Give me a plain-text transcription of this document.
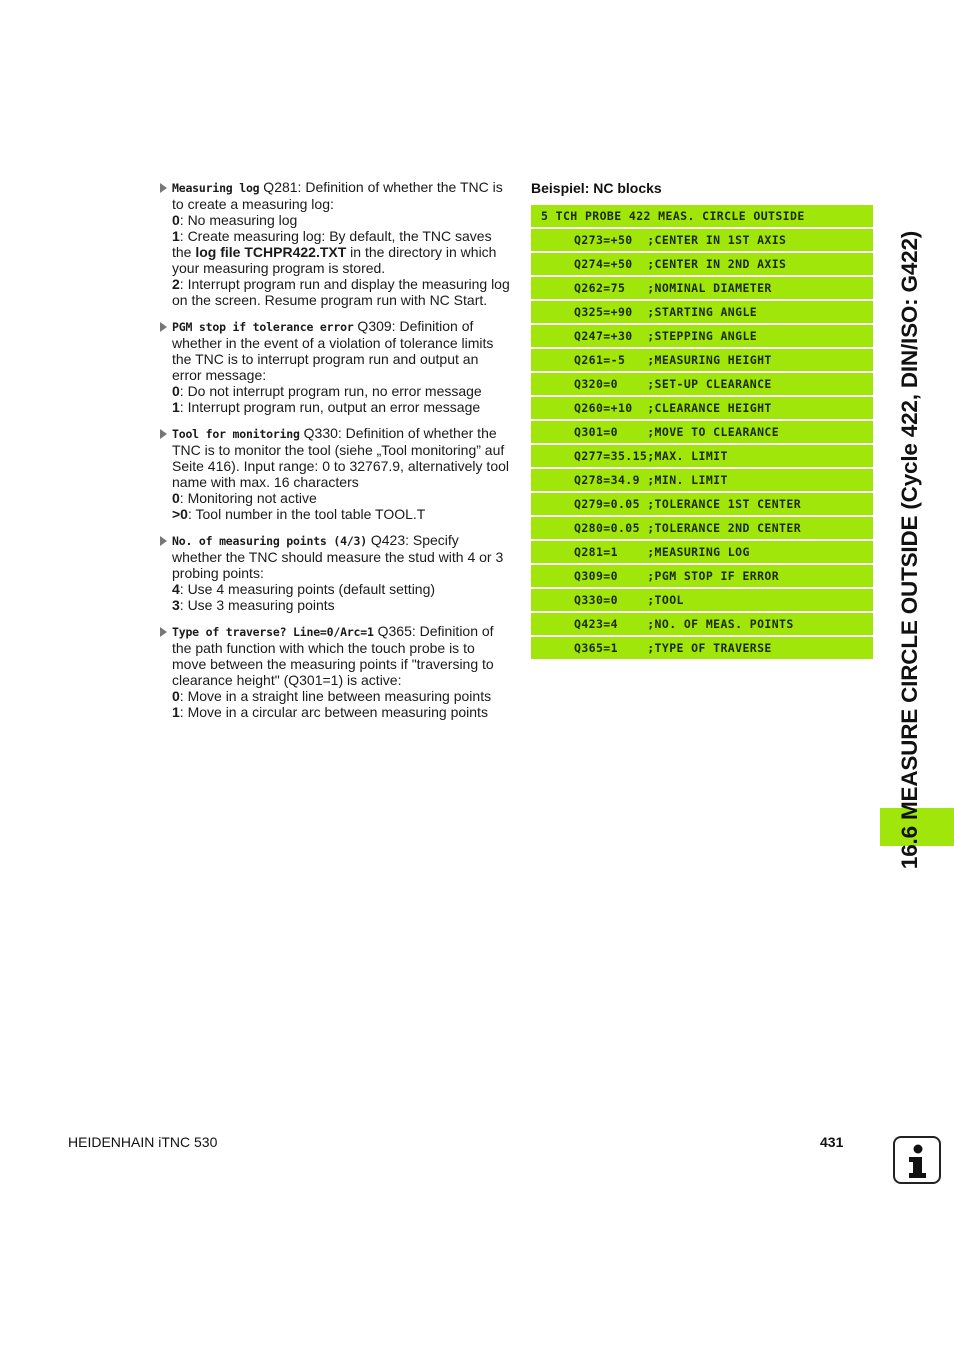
Measuring log Q281: Definition of whether the TNC is to create a measuring log:
0: No measuring log
1: Create measuring log: By default, the TNC saves the log file TCHPR422.TXT in the directory in which your measuring program is stored.
2: Interrupt program run and display the measuring log on the screen. Resume program run with NC Start.
PGM stop if tolerance error Q309: Definition of whether in the event of a violation of tolerance limits the TNC is to interrupt program run and output an error message:
0: Do not interrupt program run, no error message
1: Interrupt program run, output an error message
Tool for monitoring Q330: Definition of whether the TNC is to monitor the tool (siehe „Tool monitoring” auf Seite 416). Input range: 0 to 32767.9, alternatively tool name with max. 16 characters
0: Monitoring not active
>0: Tool number in the tool table TOOL.T
No. of measuring points (4/3) Q423: Specify whether the TNC should measure the stud with 4 or 3 probing points:
4: Use 4 measuring points (default setting)
3: Use 3 measuring points
Type of traverse? Line=0/Arc=1 Q365: Definition of the path function with which the touch probe is to move between the measuring points if "traversing to clearance height" (Q301=1) is active:
0: Move in a straight line between measuring points
1: Move in a circular arc between measuring points
Beispiel: NC blocks
5 TCH PROBE 422 MEAS. CIRCLE OUTSIDE
Q273=+50  ;CENTER IN 1ST AXIS
Q274=+50  ;CENTER IN 2ND AXIS
Q262=75   ;NOMINAL DIAMETER
Q325=+90  ;STARTING ANGLE
Q247=+30  ;STEPPING ANGLE
Q261=-5   ;MEASURING HEIGHT
Q320=0    ;SET-UP CLEARANCE
Q260=+10  ;CLEARANCE HEIGHT
Q301=0    ;MOVE TO CLEARANCE
Q277=35.15;MAX. LIMIT
Q278=34.9 ;MIN. LIMIT
Q279=0.05 ;TOLERANCE 1ST CENTER
Q280=0.05 ;TOLERANCE 2ND CENTER
Q281=1    ;MEASURING LOG
Q309=0    ;PGM STOP IF ERROR
Q330=0    ;TOOL
Q423=4    ;NO. OF MEAS. POINTS
Q365=1    ;TYPE OF TRAVERSE	16.6 MEASURE CIRCLE OUTSIDE (Cycle 422, DIN/ISO: G422)
HEIDENHAIN iTNC 530	431
